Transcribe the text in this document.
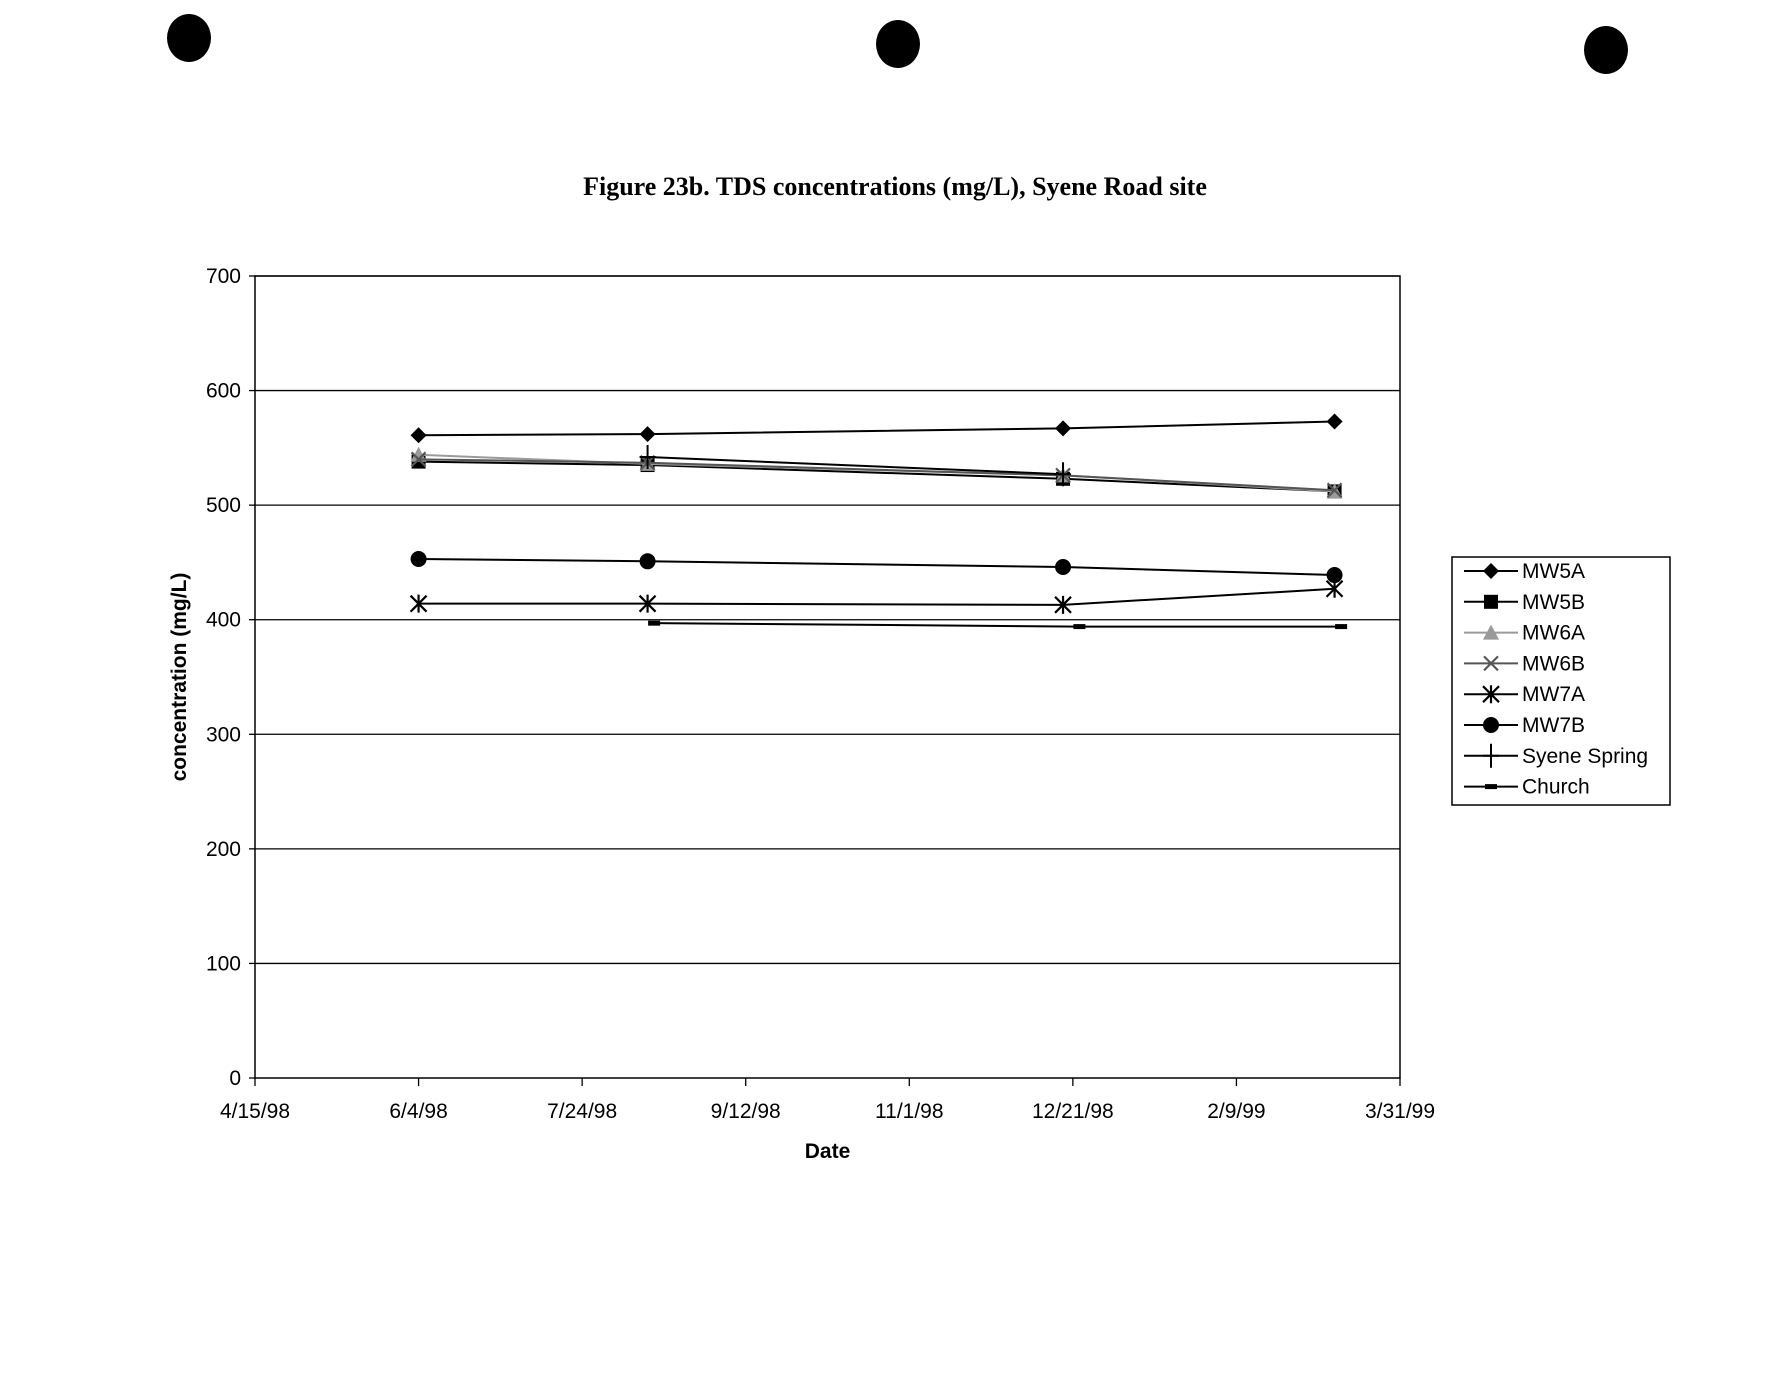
Figure 23b. TDS concentrations (mg/L), Syene Road site
0
100
200
300
400
500
600
700
4/15/98	6/4/98	7/24/98	9/12/98	11/1/98	12/21/98	2/9/99	3/31/99
Date
concentration (mg/L)
MW5A
MW5B
MW6A
MW6B
MW7A
MW7B
Syene Spring
Church
